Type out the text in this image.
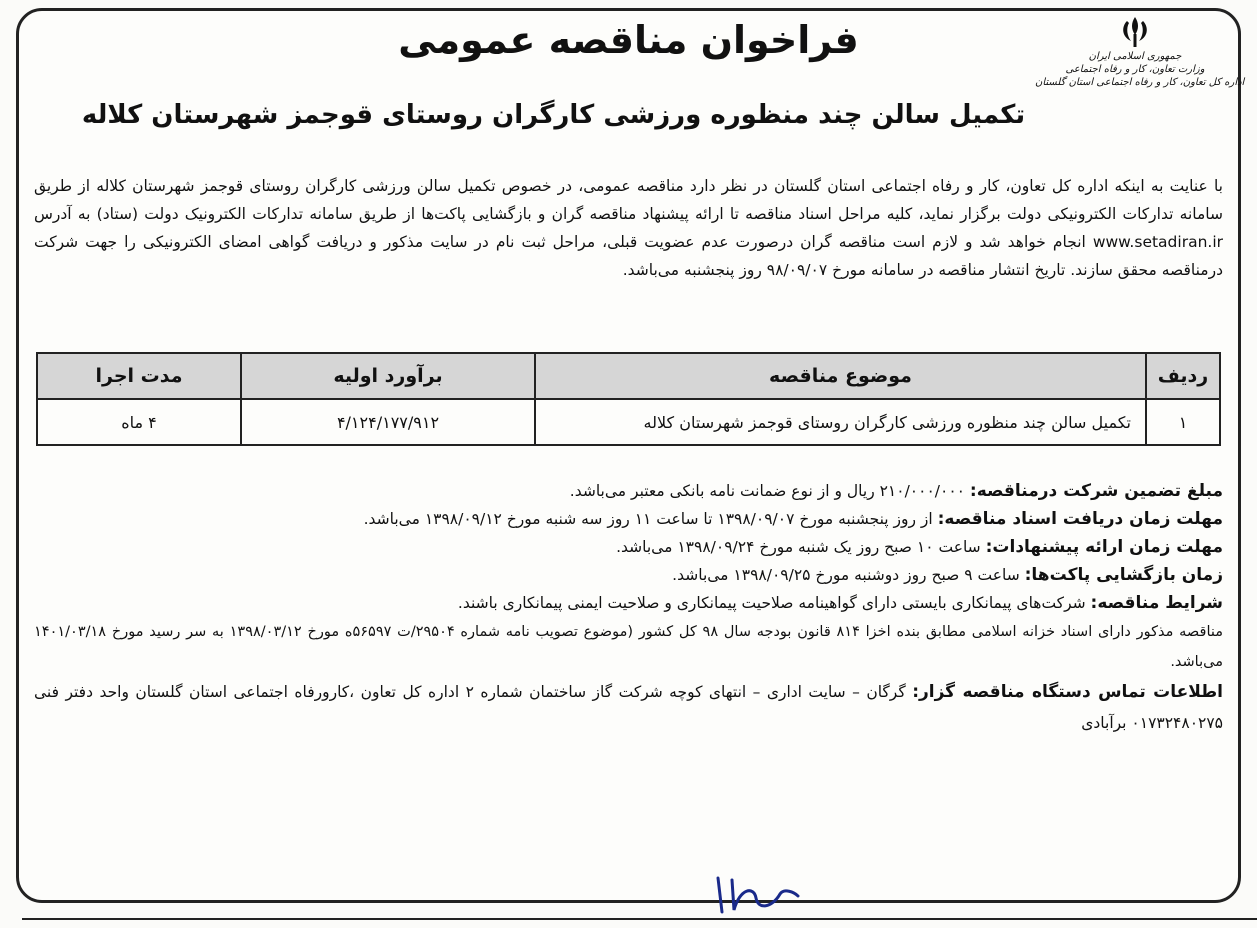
جمهوری اسلامی ایران
وزارت تعاون، کار و رفاه اجتماعی
اداره کل تعاون، کار و رفاه اجتماعی استان گلستان
فراخوان مناقصه عمومی
تکمیل سالن چند منظوره ورزشی کارگران روستای قوجمز شهرستان کلاله

با عنایت به اینکه اداره کل تعاون، کار و رفاه اجتماعی استان گلستان در نظر دارد مناقصه عمومی، در خصوص تکمیل سالن ورزشی کارگران روستای قوجمز شهرستان کلاله از طریق سامانه تدارکات الکترونیکی دولت برگزار نماید، کلیه مراحل اسناد مناقصه تا ارائه پیشنهاد مناقصه گران و بازگشایی پاکت‌ها از طریق سامانه تدارکات الکترونیک دولت (ستاد) به آدرس www.setadiran.ir انجام خواهد شد و لازم است مناقصه گران درصورت عدم عضویت قبلی، مراحل ثبت نام در سایت مذکور و دریافت گواهی امضای الکترونیکی را جهت شرکت درمناقصه محقق سازند. تاریخ انتشار مناقصه در سامانه مورخ ۹۸/۰۹/۰۷ روز پنجشنبه می‌باشد.

ردیف	موضوع مناقصه	برآورد اولیه	مدت اجرا
۱	تکمیل سالن چند منظوره ورزشی کارگران روستای قوجمز شهرستان کلاله	۴/۱۲۴/۱۷۷/۹۱۲	۴ ماه
مبلغ تضمین شرکت درمناقصه: ۲۱۰/۰۰۰/۰۰۰ ریال و از نوع ضمانت نامه بانکی معتبر می‌باشد.
مهلت زمان دریافت اسناد مناقصه: از روز پنجشنبه مورخ ۱۳۹۸/۰۹/۰۷ تا ساعت ۱۱ روز سه شنبه مورخ ۱۳۹۸/۰۹/۱۲ می‌باشد.
مهلت زمان ارائه پیشنهادات: ساعت ۱۰ صبح روز یک شنبه مورخ ۱۳۹۸/۰۹/۲۴ می‌باشد.
زمان بازگشایی پاکت‌ها: ساعت ۹ صبح روز دوشنبه مورخ ۱۳۹۸/۰۹/۲۵ می‌باشد.
شرایط مناقصه: شرکت‌های پیمانکاری بایستی دارای گواهینامه صلاحیت پیمانکاری و صلاحیت ایمنی پیمانکاری باشند.
مناقصه مذکور دارای اسناد خزانه اسلامی مطابق بنده اخزا ۸۱۴ قانون بودجه سال ۹۸ کل کشور (موضوع تصویب نامه شماره ۲۹۵۰۴/ت ۵۶۵۹۷ه مورخ ۱۳۹۸/۰۳/۱۲ به سر رسید مورخ ۱۴۰۱/۰۳/۱۸ می‌باشد.
اطلاعات تماس دستگاه مناقصه گزار: گرگان – سایت اداری – انتهای کوچه شرکت گاز ساختمان شماره ۲ اداره کل تعاون ،کارورفاه اجتماعی استان گلستان واحد دفتر فنی ۰۱۷۳۲۴۸۰۲۷۵ برآبادی
